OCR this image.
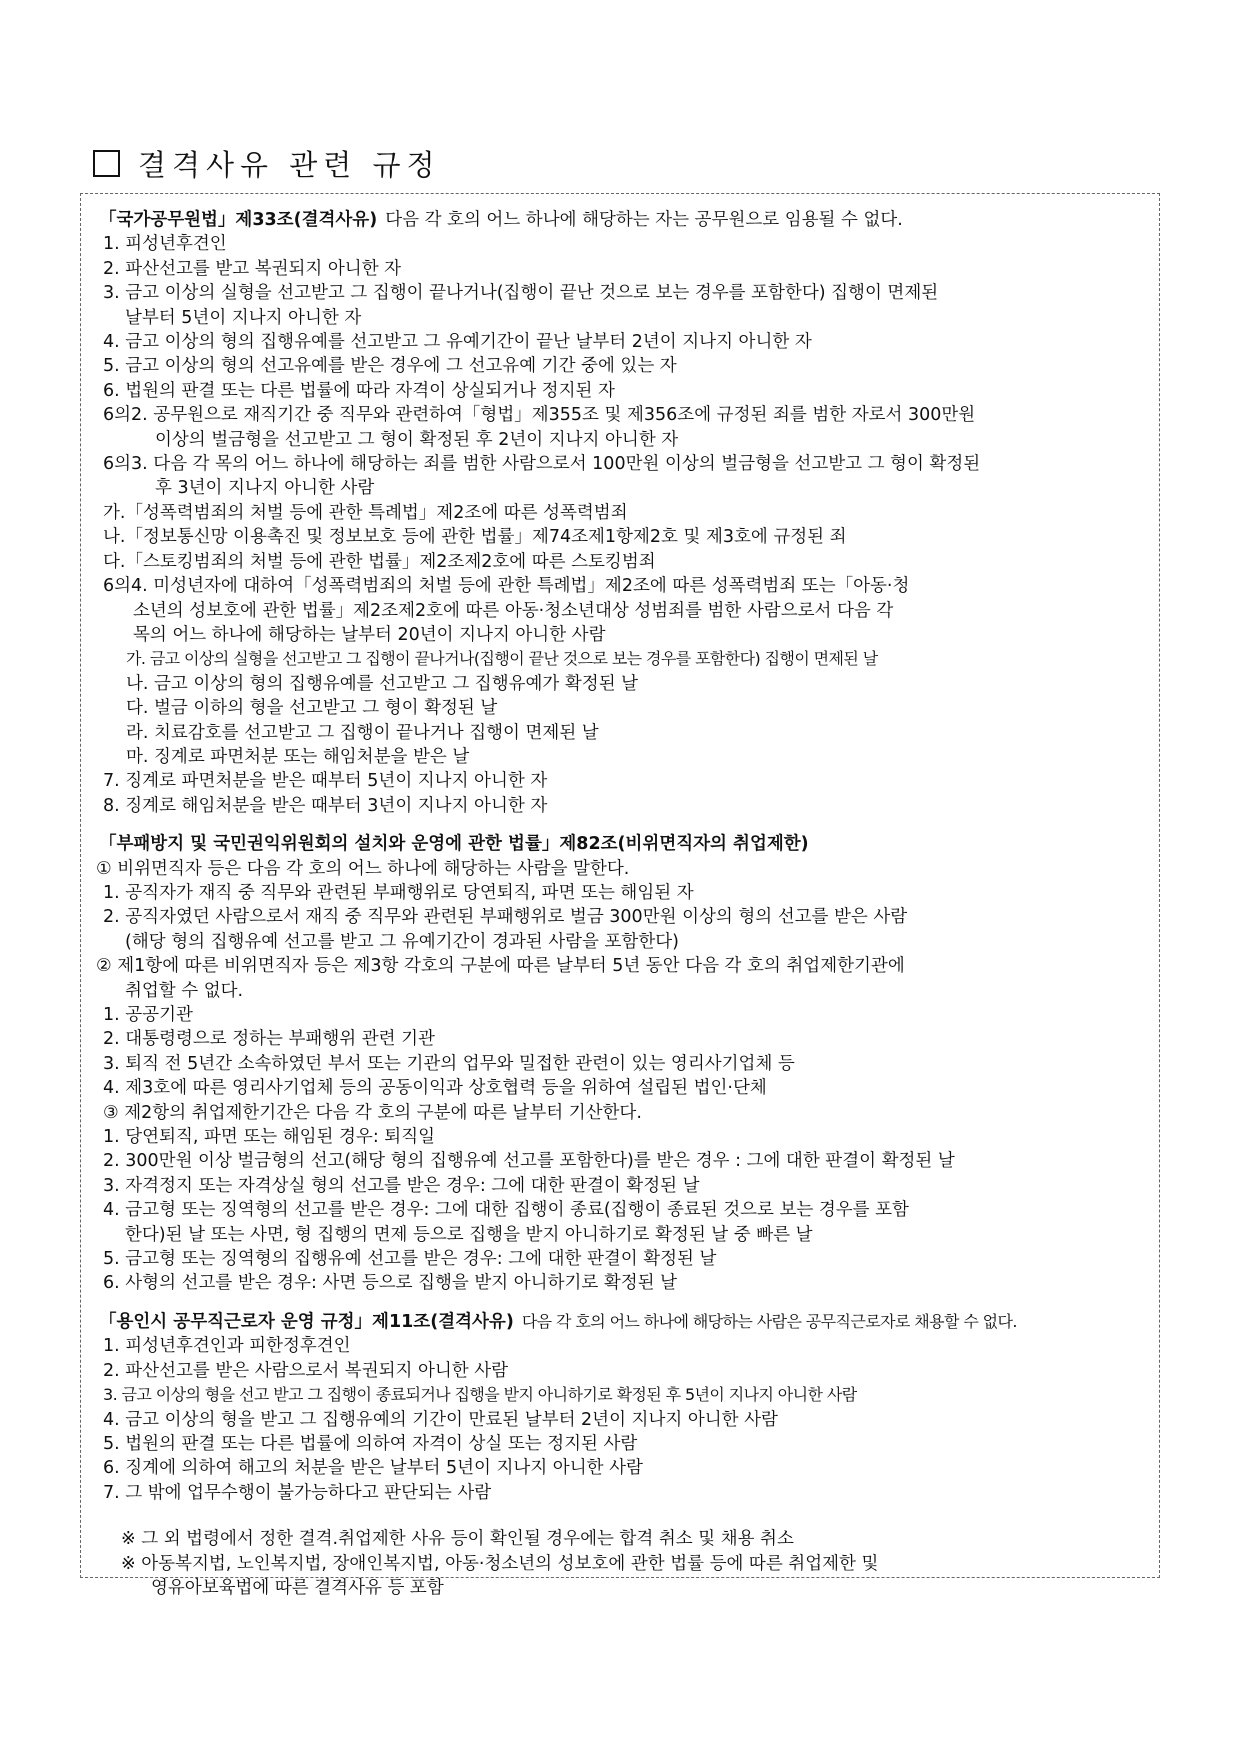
결격사유 관련 규정
「국가공무원법」제33조(결격사유) 다음 각 호의 어느 하나에 해당하는 자는 공무원으로 임용될 수 없다.
1. 피성년후견인
2. 파산선고를 받고 복권되지 아니한 자
3. 금고 이상의 실형을 선고받고 그 집행이 끝나거나(집행이 끝난 것으로 보는 경우를 포함한다) 집행이 면제된
날부터 5년이 지나지 아니한 자
4. 금고 이상의 형의 집행유예를 선고받고 그 유예기간이 끝난 날부터 2년이 지나지 아니한 자
5. 금고 이상의 형의 선고유예를 받은 경우에 그 선고유예 기간 중에 있는 자
6. 법원의 판결 또는 다른 법률에 따라 자격이 상실되거나 정지된 자
6의2. 공무원으로 재직기간 중 직무와 관련하여「형법」제355조 및 제356조에 규정된 죄를 범한 자로서 300만원
이상의 벌금형을 선고받고 그 형이 확정된 후 2년이 지나지 아니한 자
6의3. 다음 각 목의 어느 하나에 해당하는 죄를 범한 사람으로서 100만원 이상의 벌금형을 선고받고 그 형이 확정된
후 3년이 지나지 아니한 사람
가.「성폭력범죄의 처벌 등에 관한 특례법」제2조에 따른 성폭력범죄
나.「정보통신망 이용촉진 및 정보보호 등에 관한 법률」제74조제1항제2호 및 제3호에 규정된 죄
다.「스토킹범죄의 처벌 등에 관한 법률」제2조제2호에 따른 스토킹범죄
6의4. 미성년자에 대하여「성폭력범죄의 처벌 등에 관한 특례법」제2조에 따른 성폭력범죄 또는「아동·청
소년의 성보호에 관한 법률」제2조제2호에 따른 아동·청소년대상 성범죄를 범한 사람으로서 다음 각
목의 어느 하나에 해당하는 날부터 20년이 지나지 아니한 사람
가. 금고 이상의 실형을 선고받고 그 집행이 끝나거나(집행이 끝난 것으로 보는 경우를 포함한다) 집행이 면제된 날
나. 금고 이상의 형의 집행유예를 선고받고 그 집행유예가 확정된 날
다. 벌금 이하의 형을 선고받고 그 형이 확정된 날
라. 치료감호를 선고받고 그 집행이 끝나거나 집행이 면제된 날
마. 징계로 파면처분 또는 해임처분을 받은 날
7. 징계로 파면처분을 받은 때부터 5년이 지나지 아니한 자
8. 징계로 해임처분을 받은 때부터 3년이 지나지 아니한 자
「부패방지 및 국민권익위원회의 설치와 운영에 관한 법률」제82조(비위면직자의 취업제한)
① 비위면직자 등은 다음 각 호의 어느 하나에 해당하는 사람을 말한다.
1. 공직자가 재직 중 직무와 관련된 부패행위로 당연퇴직, 파면 또는 해임된 자
2. 공직자였던 사람으로서 재직 중 직무와 관련된 부패행위로 벌금 300만원 이상의 형의 선고를 받은 사람
(해당 형의 집행유예 선고를 받고 그 유예기간이 경과된 사람을 포함한다)
② 제1항에 따른 비위면직자 등은 제3항 각호의 구분에 따른 날부터 5년 동안 다음 각 호의 취업제한기관에
취업할 수 없다.
1. 공공기관
2. 대통령령으로 정하는 부패행위 관련 기관
3. 퇴직 전 5년간 소속하였던 부서 또는 기관의 업무와 밀접한 관련이 있는 영리사기업체 등
4. 제3호에 따른 영리사기업체 등의 공동이익과 상호협력 등을 위하여 설립된 법인·단체
③ 제2항의 취업제한기간은 다음 각 호의 구분에 따른 날부터 기산한다.
1. 당연퇴직, 파면 또는 해임된 경우: 퇴직일
2. 300만원 이상 벌금형의 선고(해당 형의 집행유예 선고를 포함한다)를 받은 경우 : 그에 대한 판결이 확정된 날
3. 자격정지 또는 자격상실 형의 선고를 받은 경우: 그에 대한 판결이 확정된 날
4. 금고형 또는 징역형의 선고를 받은 경우: 그에 대한 집행이 종료(집행이 종료된 것으로 보는 경우를 포함
한다)된 날 또는 사면, 형 집행의 면제 등으로 집행을 받지 아니하기로 확정된 날 중 빠른 날
5. 금고형 또는 징역형의 집행유예 선고를 받은 경우: 그에 대한 판결이 확정된 날
6. 사형의 선고를 받은 경우: 사면 등으로 집행을 받지 아니하기로 확정된 날
「용인시 공무직근로자 운영 규정」제11조(결격사유) 다음 각 호의 어느 하나에 해당하는 사람은 공무직근로자로 채용할 수 없다.
1. 피성년후견인과 피한정후견인
2. 파산선고를 받은 사람으로서 복권되지 아니한 사람
3. 금고 이상의 형을 선고 받고 그 집행이 종료되거나 집행을 받지 아니하기로 확정된 후 5년이 지나지 아니한 사람
4. 금고 이상의 형을 받고 그 집행유예의 기간이 만료된 날부터 2년이 지나지 아니한 사람
5. 법원의 판결 또는 다른 법률에 의하여 자격이 상실 또는 정지된 사람
6. 징계에 의하여 해고의 처분을 받은 날부터 5년이 지나지 아니한 사람
7. 그 밖에 업무수행이 불가능하다고 판단되는 사람
※ 그 외 법령에서 정한 결격.취업제한 사유 등이 확인될 경우에는 합격 취소 및 채용 취소
※ 아동복지법, 노인복지법, 장애인복지법, 아동·청소년의 성보호에 관한 법률 등에 따른 취업제한 및
영유아보육법에 따른 결격사유 등 포함
